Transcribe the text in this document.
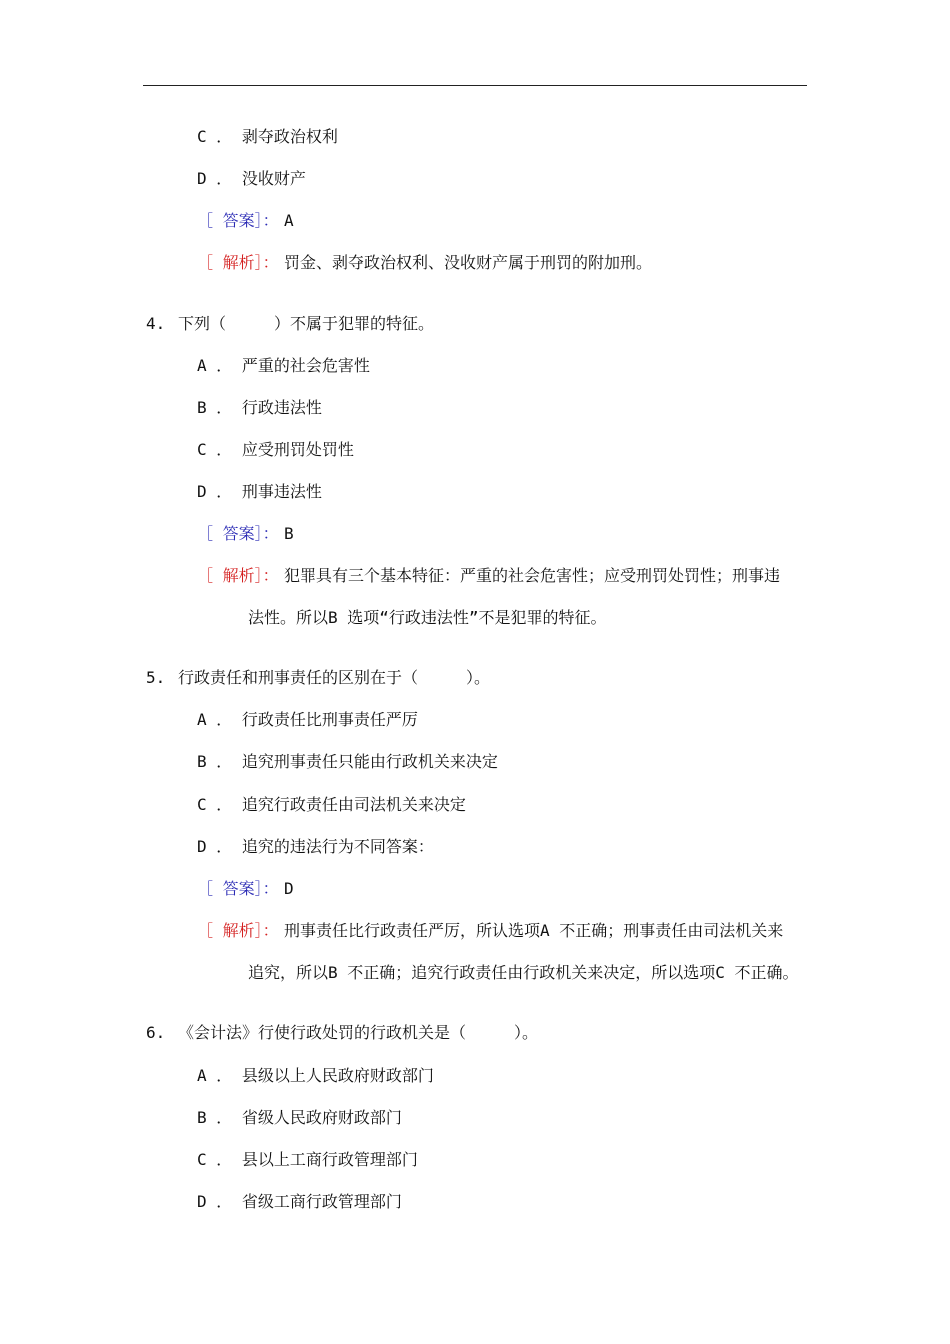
C ． 剥夺政治权利
D ． 没收财产
［ 答案］： A
［ 解析］： 罚金、剥夺政治权利、没收财产属于刑罚的附加刑。
4. 下列（　　　）不属于犯罪的特征。
A ． 严重的社会危害性
B ． 行政违法性
C ． 应受刑罚处罚性
D ． 刑事违法性
［ 答案］： B
［ 解析］： 犯罪具有三个基本特征：严重的社会危害性；应受刑罚处罚性；刑事违
法性。所以B 选项“行政违法性”不是犯罪的特征。
5. 行政责任和刑事责任的区别在于（　　　）。
A ． 行政责任比刑事责任严厉
B ． 追究刑事责任只能由行政机关来决定
C ． 追究行政责任由司法机关来决定
D ． 追究的违法行为不同答案：
［ 答案］： D
［ 解析］： 刑事责任比行政责任严厉，所认选项A 不正确；刑事责任由司法机关来
追究，所以B 不正确；追究行政责任由行政机关来决定，所以选项C 不正确。
6. 《会计法》行使行政处罚的行政机关是（　　　）。
A ． 县级以上人民政府财政部门
B ． 省级人民政府财政部门
C ． 县以上工商行政管理部门
D ． 省级工商行政管理部门
